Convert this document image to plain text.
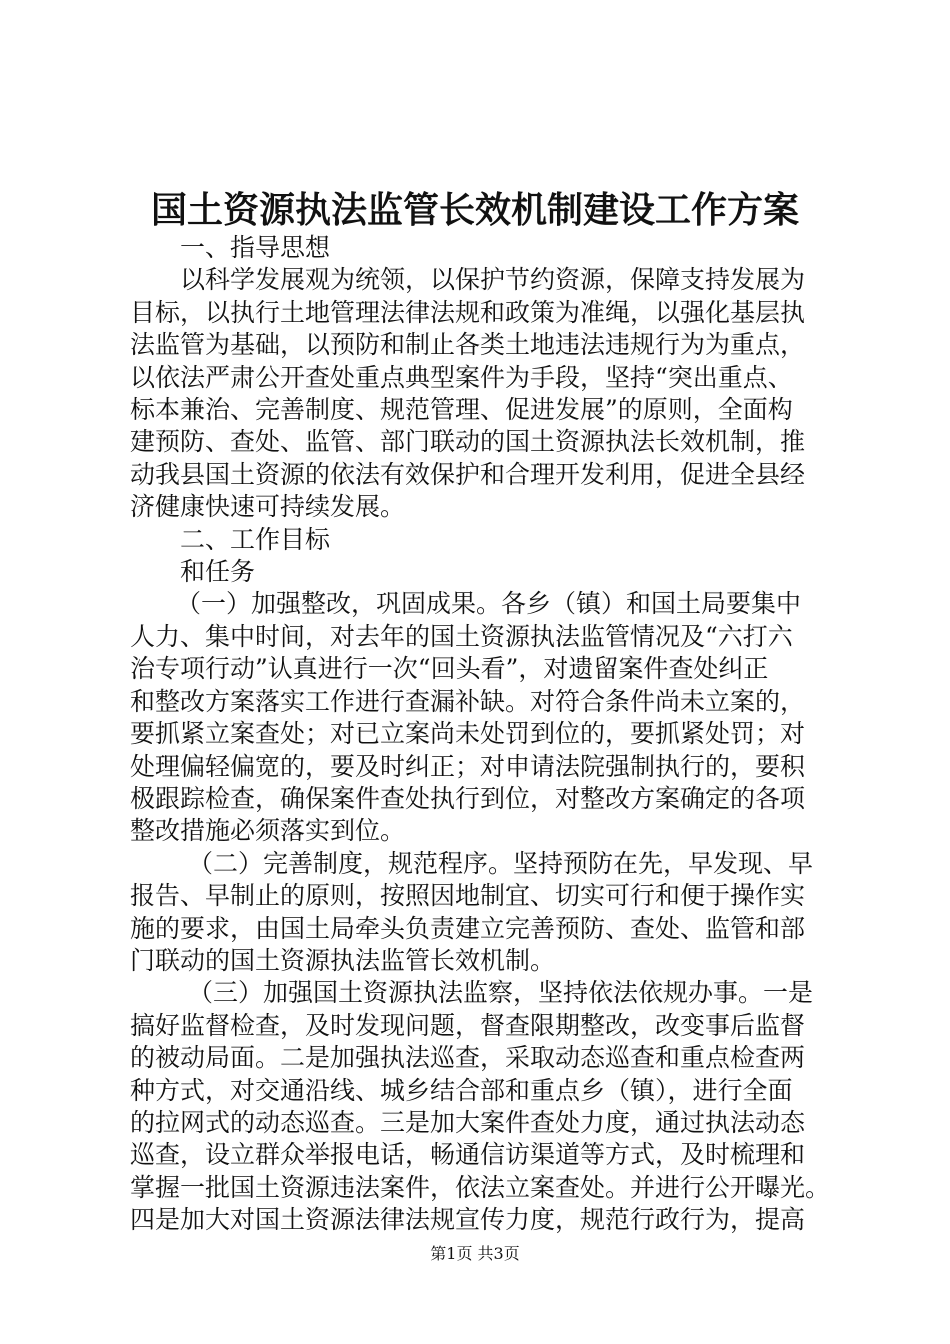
国土资源执法监管长效机制建设工作方案
一、指导思想
以科学发展观为统领，以保护节约资源，保障支持发展为
目标，以执行土地管理法律法规和政策为准绳，以强化基层执
法监管为基础，以预防和制止各类土地违法违规行为为重点，
以依法严肃公开查处重点典型案件为手段，坚持“突出重点、
标本兼治、完善制度、规范管理、促进发展”的原则，全面构
建预防、查处、监管、部门联动的国土资源执法长效机制，推
动我县国土资源的依法有效保护和合理开发利用，促进全县经
济健康快速可持续发展。
二、工作目标
和任务
（一）加强整改，巩固成果。各乡（镇）和国土局要集中
人力、集中时间，对去年的国土资源执法监管情况及“六打六
治专项行动”认真进行一次“回头看”，对遗留案件查处纠正
和整改方案落实工作进行查漏补缺。对符合条件尚未立案的，
要抓紧立案查处；对已立案尚未处罚到位的，要抓紧处罚；对
处理偏轻偏宽的，要及时纠正；对申请法院强制执行的，要积
极跟踪检查，确保案件查处执行到位，对整改方案确定的各项
整改措施必须落实到位。
（二）完善制度，规范程序。坚持预防在先，早发现、早
报告、早制止的原则，按照因地制宜、切实可行和便于操作实
施的要求，由国土局牵头负责建立完善预防、查处、监管和部
门联动的国土资源执法监管长效机制。
（三）加强国土资源执法监察，坚持依法依规办事。一是
搞好监督检查，及时发现问题，督查限期整改，改变事后监督
的被动局面。二是加强执法巡查，采取动态巡查和重点检查两
种方式，对交通沿线、城乡结合部和重点乡（镇），进行全面
的拉网式的动态巡查。三是加大案件查处力度，通过执法动态
巡查，设立群众举报电话，畅通信访渠道等方式，及时梳理和
掌握一批国土资源违法案件，依法立案查处。并进行公开曝光。
四是加大对国土资源法律法规宣传力度，规范行政行为，提高
第1页 共3页
